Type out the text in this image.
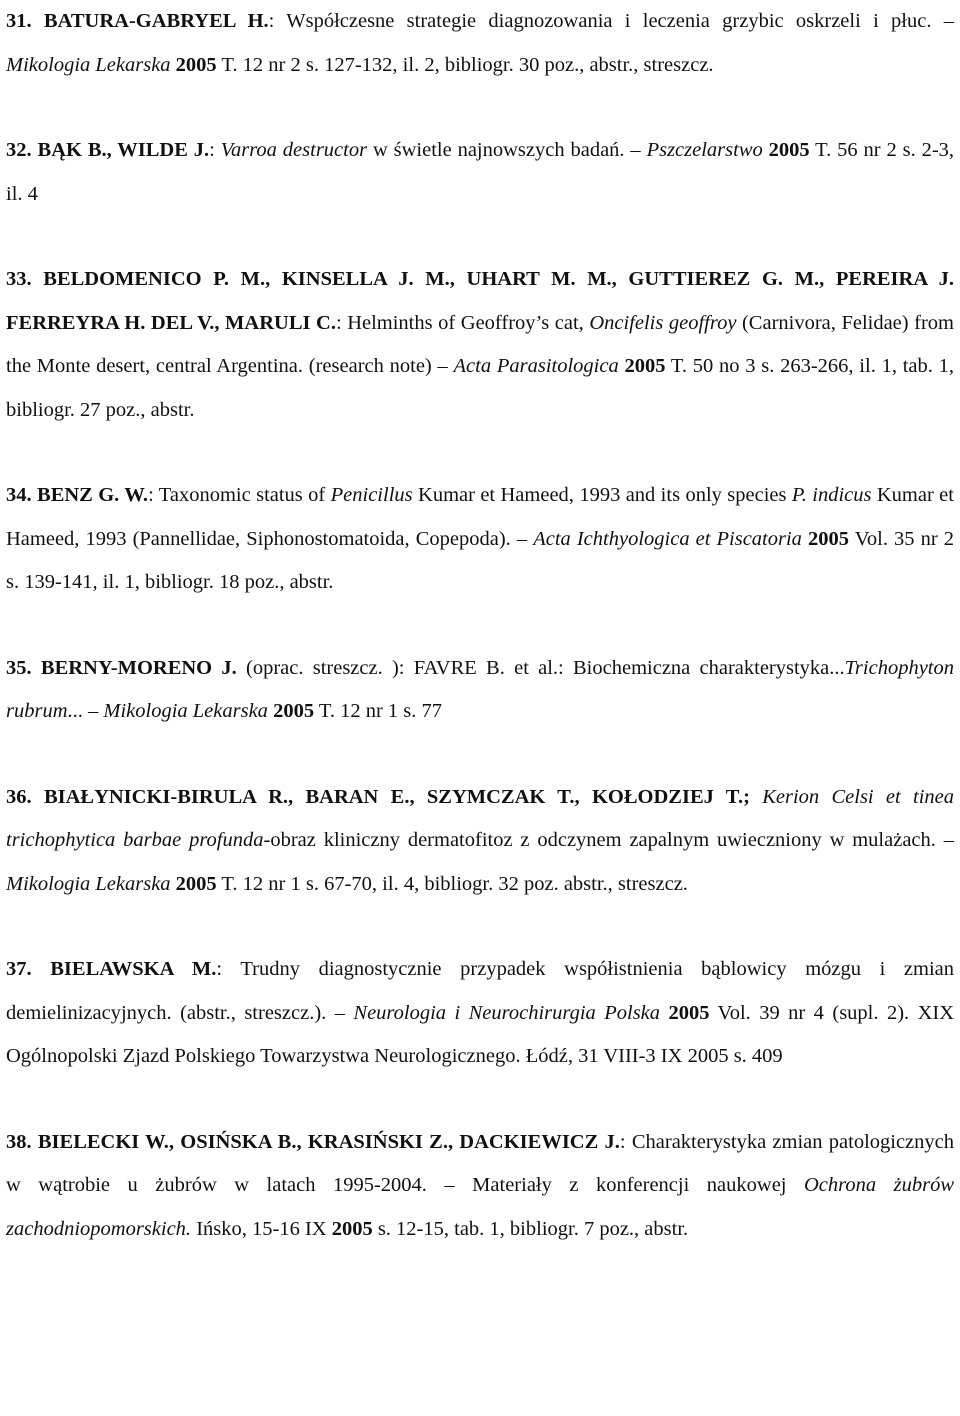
31. BATURA-GABRYEL H.: Współczesne strategie diagnozowania i leczenia grzybic oskrzeli i płuc. – Mikologia Lekarska 2005 T. 12 nr 2 s. 127-132, il. 2, bibliogr. 30 poz., abstr., streszcz.

32. BĄK B., WILDE J.: Varroa destructor w świetle najnowszych badań. – Pszczelarstwo 2005 T. 56 nr 2 s. 2-3, il. 4

33. BELDOMENICO P. M., KINSELLA J. M., UHART M. M., GUTTIEREZ G. M., PEREIRA J. FERREYRA H. DEL V., MARULI C.: Helminths of Geoffroy’s cat, Oncifelis geoffroy (Carnivora, Felidae) from the Monte desert, central Argentina. (research note) – Acta Parasitologica 2005 T. 50 no 3 s. 263-266, il. 1, tab. 1, bibliogr. 27 poz., abstr.

34. BENZ G. W.: Taxonomic status of Penicillus Kumar et Hameed, 1993 and its only species P. indicus Kumar et Hameed, 1993 (Pannellidae, Siphonostomatoida, Copepoda). – Acta Ichthyologica et Piscatoria 2005 Vol. 35 nr 2 s. 139-141, il. 1, bibliogr. 18 poz., abstr.

35. BERNY-MORENO J. (oprac. streszcz. ): FAVRE B. et al.: Biochemiczna charakterystyka...Trichophyton rubrum... – Mikologia Lekarska 2005 T. 12 nr 1 s. 77

36. BIAŁYNICKI-BIRULA R., BARAN E., SZYMCZAK T., KOŁODZIEJ T.; Kerion Celsi et tinea trichophytica barbae profunda-obraz kliniczny dermatofitoz z odczynem zapalnym uwieczniony w mulażach. – Mikologia Lekarska 2005 T. 12 nr 1 s. 67-70, il. 4, bibliogr. 32 poz. abstr., streszcz.

37. BIELAWSKA M.: Trudny diagnostycznie przypadek współistnienia bąblowicy mózgu i zmian demielinizacyjnych. (abstr., streszcz.). – Neurologia i Neurochirurgia Polska 2005 Vol. 39 nr 4 (supl. 2). XIX Ogólnopolski Zjazd Polskiego Towarzystwa Neurologicznego. Łódź, 31 VIII-3 IX 2005 s. 409

38. BIELECKI W., OSIŃSKA B., KRASIŃSKI Z., DACKIEWICZ J.: Charakterystyka zmian patologicznych w wątrobie u żubrów w latach 1995-2004. – Materiały z konferencji naukowej Ochrona żubrów zachodniopomorskich. Ińsko, 15-16 IX 2005 s. 12-15, tab. 1, bibliogr. 7 poz., abstr.
